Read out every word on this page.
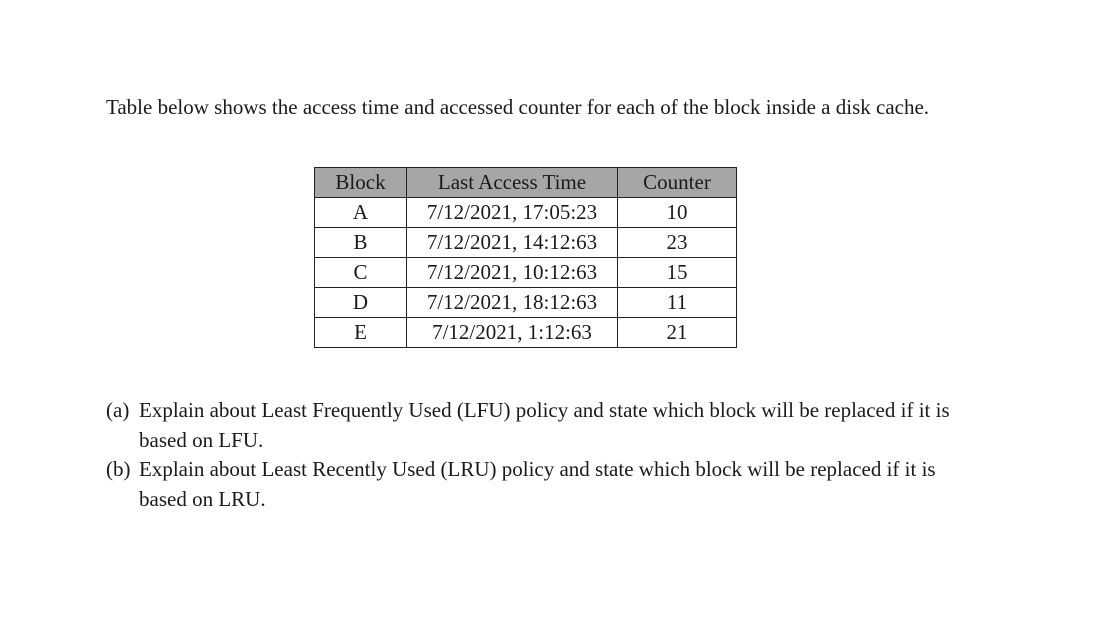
Table below shows the access time and accessed counter for each of the block inside a disk cache.

Block	Last Access Time	Counter
A	7/12/2021, 17:05:23	10
B	7/12/2021, 14:12:63	23
C	7/12/2021, 10:12:63	15
D	7/12/2021, 18:12:63	11
E	7/12/2021, 1:12:63	21
(a) Explain about Least Frequently Used (LFU) policy and state which block will be replaced if it is based on LFU.
(b) Explain about Least Recently Used (LRU) policy and state which block will be replaced if it is based on LRU.
